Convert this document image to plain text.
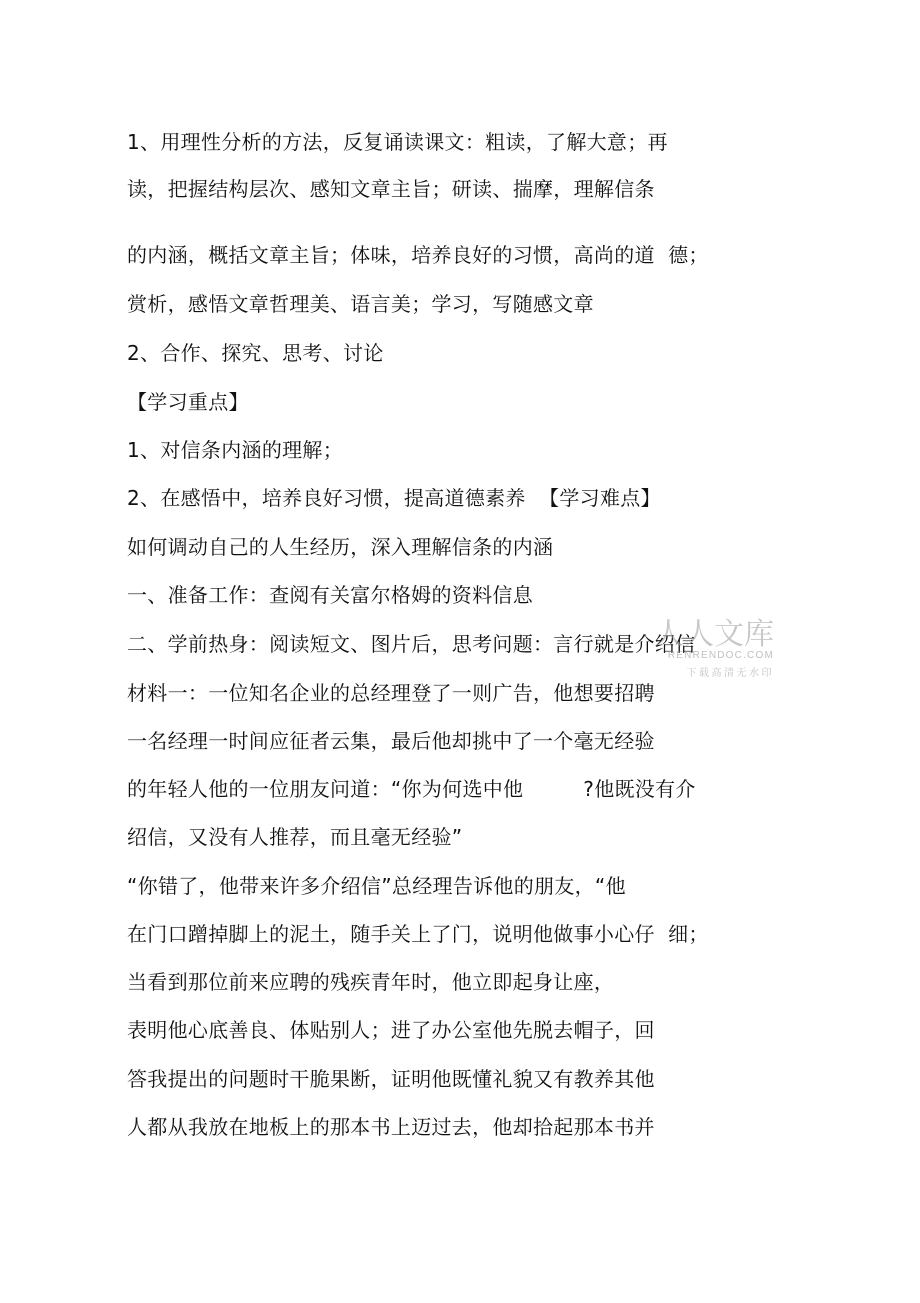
1、用理性分析的方法，反复诵读课文：粗读，了解大意；再
读，把握结构层次、感知文章主旨；研读、揣摩，理解信条
的内涵，概括文章主旨；体味，培养良好的习惯，高尚的道  德；
赏析，感悟文章哲理美、语言美；学习，写随感文章
2、合作、探究、思考、讨论
【学习重点】
1、对信条内涵的理解；
2、在感悟中，培养良好习惯，提高道德素养  【学习难点】
如何调动自己的人生经历，深入理解信条的内涵
一、准备工作：查阅有关富尔格姆的资料信息
二、学前热身：阅读短文、图片后，思考问题：言行就是介绍信
材料一：一位知名企业的总经理登了一则广告，他想要招聘
一名经理一时间应征者云集，最后他却挑中了一个毫无经验
的年轻人他的一位朋友问道：“你为何选中他         ?他既没有介
绍信，又没有人推荐，而且毫无经验”
“你错了，他带来许多介绍信”总经理告诉他的朋友，“他
在门口蹭掉脚上的泥土，随手关上了门，说明他做事小心仔  细；
当看到那位前来应聘的残疾青年时，他立即起身让座，
表明他心底善良、体贴别人；进了办公室他先脱去帽子，回
答我提出的问题时干脆果断，证明他既懂礼貌又有教养其他
人都从我放在地板上的那本书上迈过去，他却拾起那本书并
人人文库
RENRENDOC.COM
下载高清无水印
